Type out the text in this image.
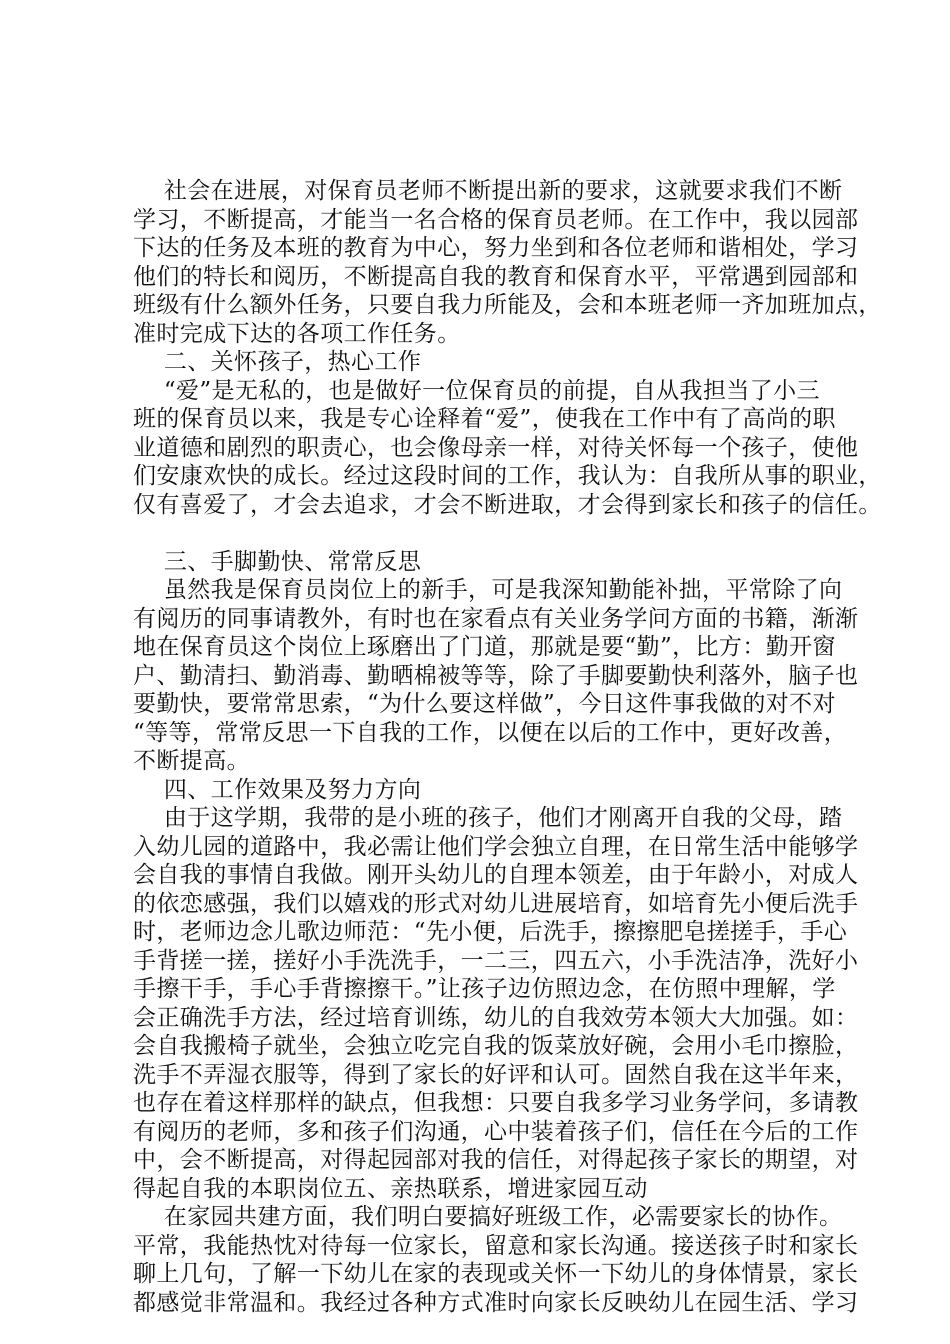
社会在进展，对保育员老师不断提出新的要求，这就要求我们不断
学习，不断提高，才能当一名合格的保育员老师。在工作中，我以园部
下达的任务及本班的教育为中心，努力坐到和各位老师和谐相处，学习
他们的特长和阅历，不断提高自我的教育和保育水平，平常遇到园部和
班级有什么额外任务，只要自我力所能及，会和本班老师一齐加班加点，
准时完成下达的各项工作任务。
二、关怀孩子，热心工作
“爱”是无私的，也是做好一位保育员的前提，自从我担当了小三
班的保育员以来，我是专心诠释着“爱”，使我在工作中有了高尚的职
业道德和剧烈的职责心，也会像母亲一样，对待关怀每一个孩子，使他
们安康欢快的成长。经过这段时间的工作，我认为：自我所从事的职业，
仅有喜爱了，才会去追求，才会不断进取，才会得到家长和孩子的信任。
三、手脚勤快、常常反思
虽然我是保育员岗位上的新手，可是我深知勤能补拙，平常除了向
有阅历的同事请教外，有时也在家看点有关业务学问方面的书籍，渐渐
地在保育员这个岗位上琢磨出了门道，那就是要“勤”，比方：勤开窗
户、勤清扫、勤消毒、勤晒棉被等等，除了手脚要勤快利落外，脑子也
要勤快，要常常思索，“为什么要这样做”，今日这件事我做的对不对
“等等，常常反思一下自我的工作，以便在以后的工作中，更好改善，
不断提高。
四、工作效果及努力方向
由于这学期，我带的是小班的孩子，他们才刚离开自我的父母，踏
入幼儿园的道路中，我必需让他们学会独立自理，在日常生活中能够学
会自我的事情自我做。刚开头幼儿的自理本领差，由于年龄小，对成人
的依恋感强，我们以嬉戏的形式对幼儿进展培育，如培育先小便后洗手
时，老师边念儿歌边师范：“先小便，后洗手，擦擦肥皂搓搓手，手心
手背搓一搓，搓好小手洗洗手，一二三，四五六，小手洗洁净，洗好小
手擦干手，手心手背擦擦干。”让孩子边仿照边念，在仿照中理解，学
会正确洗手方法，经过培育训练，幼儿的自我效劳本领大大加强。如：
会自我搬椅子就坐，会独立吃完自我的饭菜放好碗，会用小毛巾擦脸，
洗手不弄湿衣服等，得到了家长的好评和认可。固然自我在这半年来，
也存在着这样那样的缺点，但我想：只要自我多学习业务学问，多请教
有阅历的老师，多和孩子们沟通，心中装着孩子们，信任在今后的工作
中，会不断提高，对得起园部对我的信任，对得起孩子家长的期望，对
得起自我的本职岗位五、亲热联系，增进家园互动
在家园共建方面，我们明白要搞好班级工作，必需要家长的协作。
平常，我能热忱对待每一位家长，留意和家长沟通。接送孩子时和家长
聊上几句，了解一下幼儿在家的表现或关怀一下幼儿的身体情景，家长
都感觉非常温和。我经过各种方式准时向家长反映幼儿在园生活、学习
